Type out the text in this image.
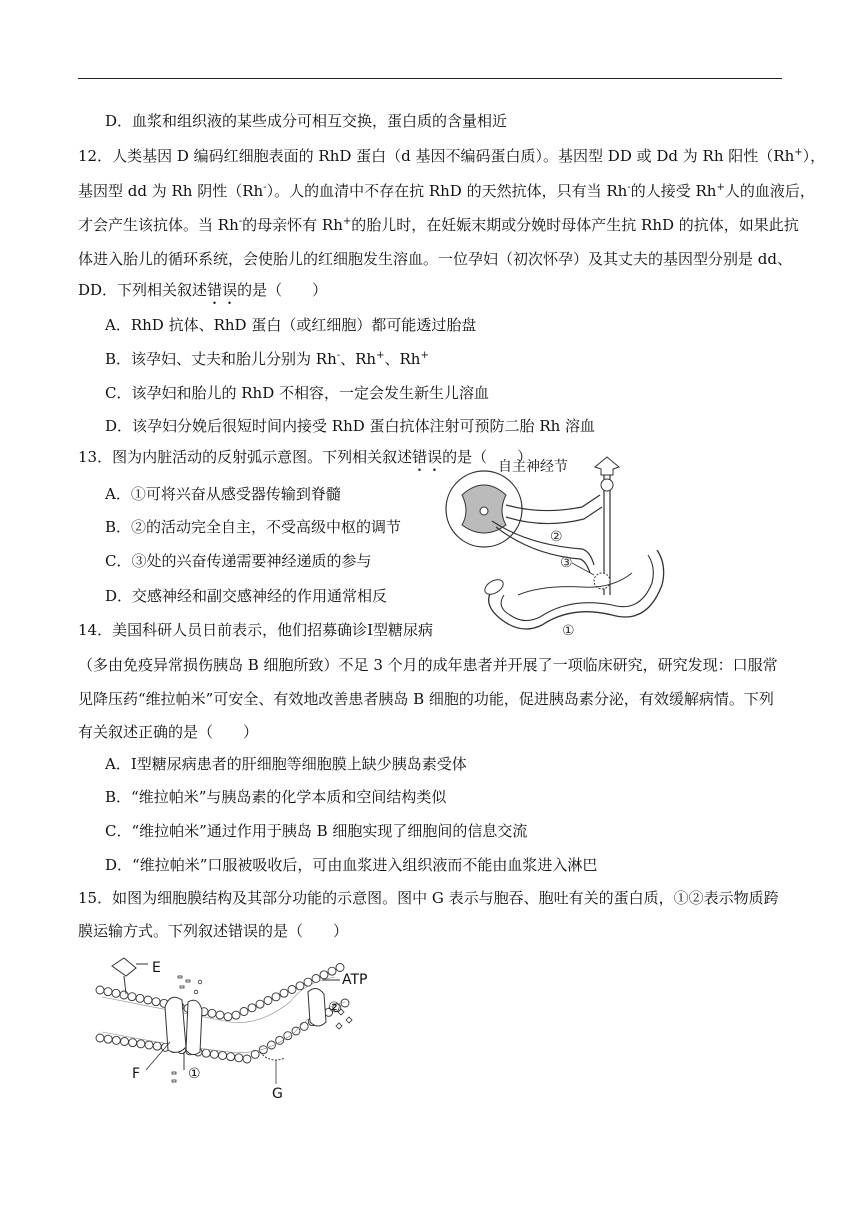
D．血浆和组织液的某些成分可相互交换，蛋白质的含量相近
12．人类基因 D 编码红细胞表面的 RhD 蛋白（d 基因不编码蛋白质）。基因型 DD 或 Dd 为 Rh 阳性（Rh+），
基因型 dd 为 Rh 阴性（Rh-）。人的血清中不存在抗 RhD 的天然抗体，只有当 Rh-的人接受 Rh+人的血液后，
才会产生该抗体。当 Rh-的母亲怀有 Rh+的胎儿时，在妊娠末期或分娩时母体产生抗 RhD 的抗体，如果此抗
体进入胎儿的循环系统，会使胎儿的红细胞发生溶血。一位孕妇（初次怀孕）及其丈夫的基因型分别是 dd、
DD．下列相关叙述错误的是（　　）
A．RhD 抗体、RhD 蛋白（或红细胞）都可能透过胎盘
B．该孕妇、丈夫和胎儿分别为 Rh-、Rh+、Rh+
C．该孕妇和胎儿的 RhD 不相容，一定会发生新生儿溶血
D．该孕妇分娩后很短时间内接受 RhD 蛋白抗体注射可预防二胎 Rh 溶血
13．图为内脏活动的反射弧示意图。下列相关叙述错误的是（　　）
A．①可将兴奋从感受器传输到脊髓
B．②的活动完全自主，不受高级中枢的调节
C．③处的兴奋传递需要神经递质的参与
D．交感神经和副交感神经的作用通常相反
自主神经节
②
③
①
14．美国科研人员日前表示，他们招募确诊Ⅰ型糖尿病
（多由免疫异常损伤胰岛 B 细胞所致）不足 3 个月的成年患者并开展了一项临床研究，研究发现：口服常
见降压药“维拉帕米”可安全、有效地改善患者胰岛 B 细胞的功能，促进胰岛素分泌，有效缓解病情。下列
有关叙述正确的是（　　）
A．Ⅰ型糖尿病患者的肝细胞等细胞膜上缺少胰岛素受体
B．“维拉帕米”与胰岛素的化学本质和空间结构类似
C．“维拉帕米”通过作用于胰岛 B 细胞实现了细胞间的信息交流
D．“维拉帕米”口服被吸收后，可由血浆进入组织液而不能由血浆进入淋巴
15．如图为细胞膜结构及其部分功能的示意图。图中 G 表示与胞吞、胞吐有关的蛋白质，①②表示物质跨
膜运输方式。下列叙述错误的是（　　）
E
F
G
ATP
①
②
